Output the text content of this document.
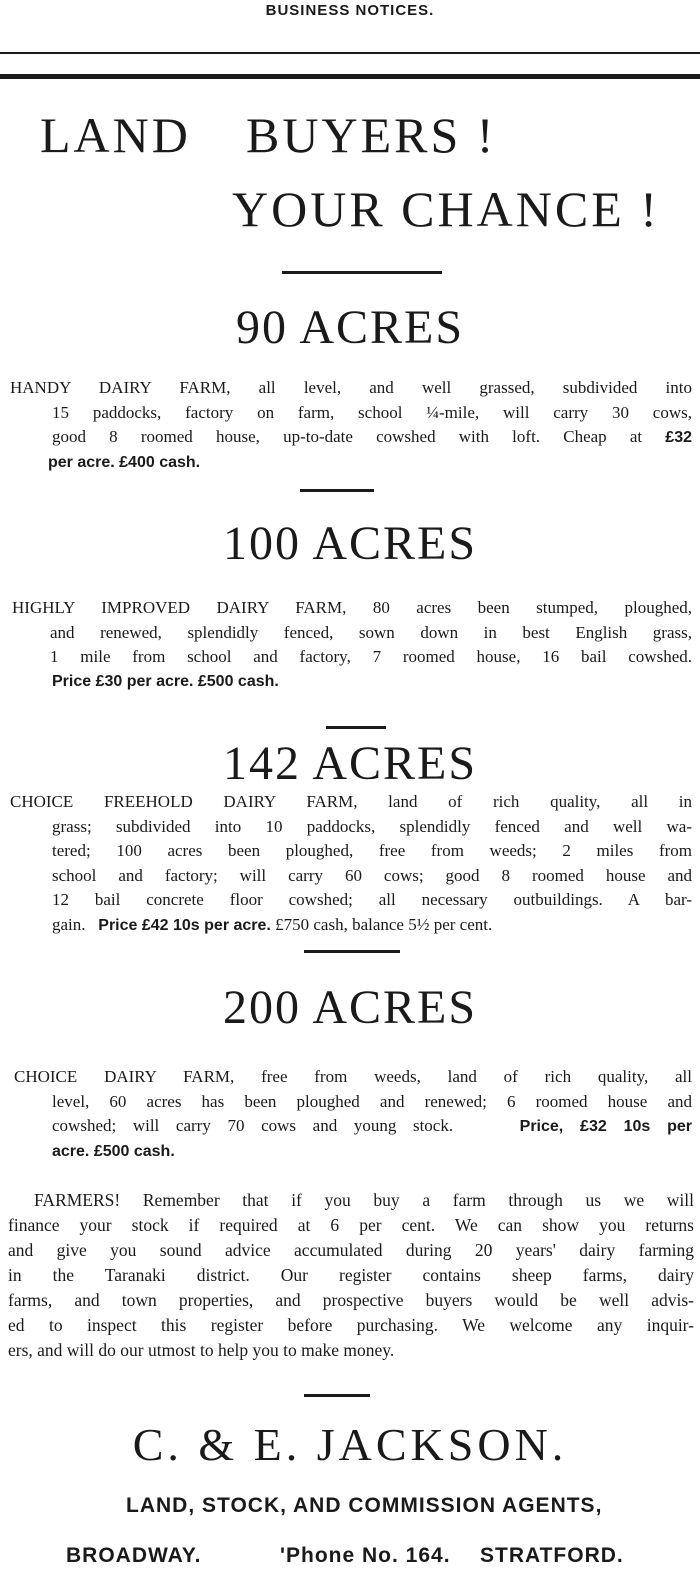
BUSINESS NOTICES.
LAND BUYERS !
YOUR CHANCE !
90 ACRES
HANDY DAIRY FARM, all level, and well grassed, subdivided into
15 paddocks, factory on farm, school ¼-mile, will carry 30 cows,
good 8 roomed house, up-to-date cowshed with loft. Cheap at £32
per acre. £400 cash.
100 ACRES
HIGHLY IMPROVED DAIRY FARM, 80 acres been stumped, ploughed,
and renewed, splendidly fenced, sown down in best English grass,
1 mile from school and factory, 7 roomed house, 16 bail cowshed.
Price £30 per acre. £500 cash.
142 ACRES
CHOICE FREEHOLD DAIRY FARM, land of rich quality, all in
grass; subdivided into 10 paddocks, splendidly fenced and well wa-
tered; 100 acres been ploughed, free from weeds; 2 miles from
school and factory; will carry 60 cows; good 8 roomed house and
12 bail concrete floor cowshed; all necessary outbuildings. A bar-
gain. Price £42 10s per acre. £750 cash, balance 5½ per cent.
200 ACRES
CHOICE DAIRY FARM, free from weeds, land of rich quality, all
level, 60 acres has been ploughed and renewed; 6 roomed house and
cowshed; will carry 70 cows and young stock.	Price, £32 10s per
acre. £500 cash.
FARMERS! Remember that if you buy a farm through us we will
finance your stock if required at 6 per cent. We can show you returns
and give you sound advice accumulated during 20 years' dairy farming
in the Taranaki district. Our register contains sheep farms, dairy
farms, and town properties, and prospective buyers would be well advis-
ed to inspect this register before purchasing. We welcome any inquir-
ers, and will do our utmost to help you to make money.
C. & E. JACKSON.
LAND, STOCK, AND COMMISSION AGENTS,
BROADWAY.	'Phone No. 164. STRATFORD.
